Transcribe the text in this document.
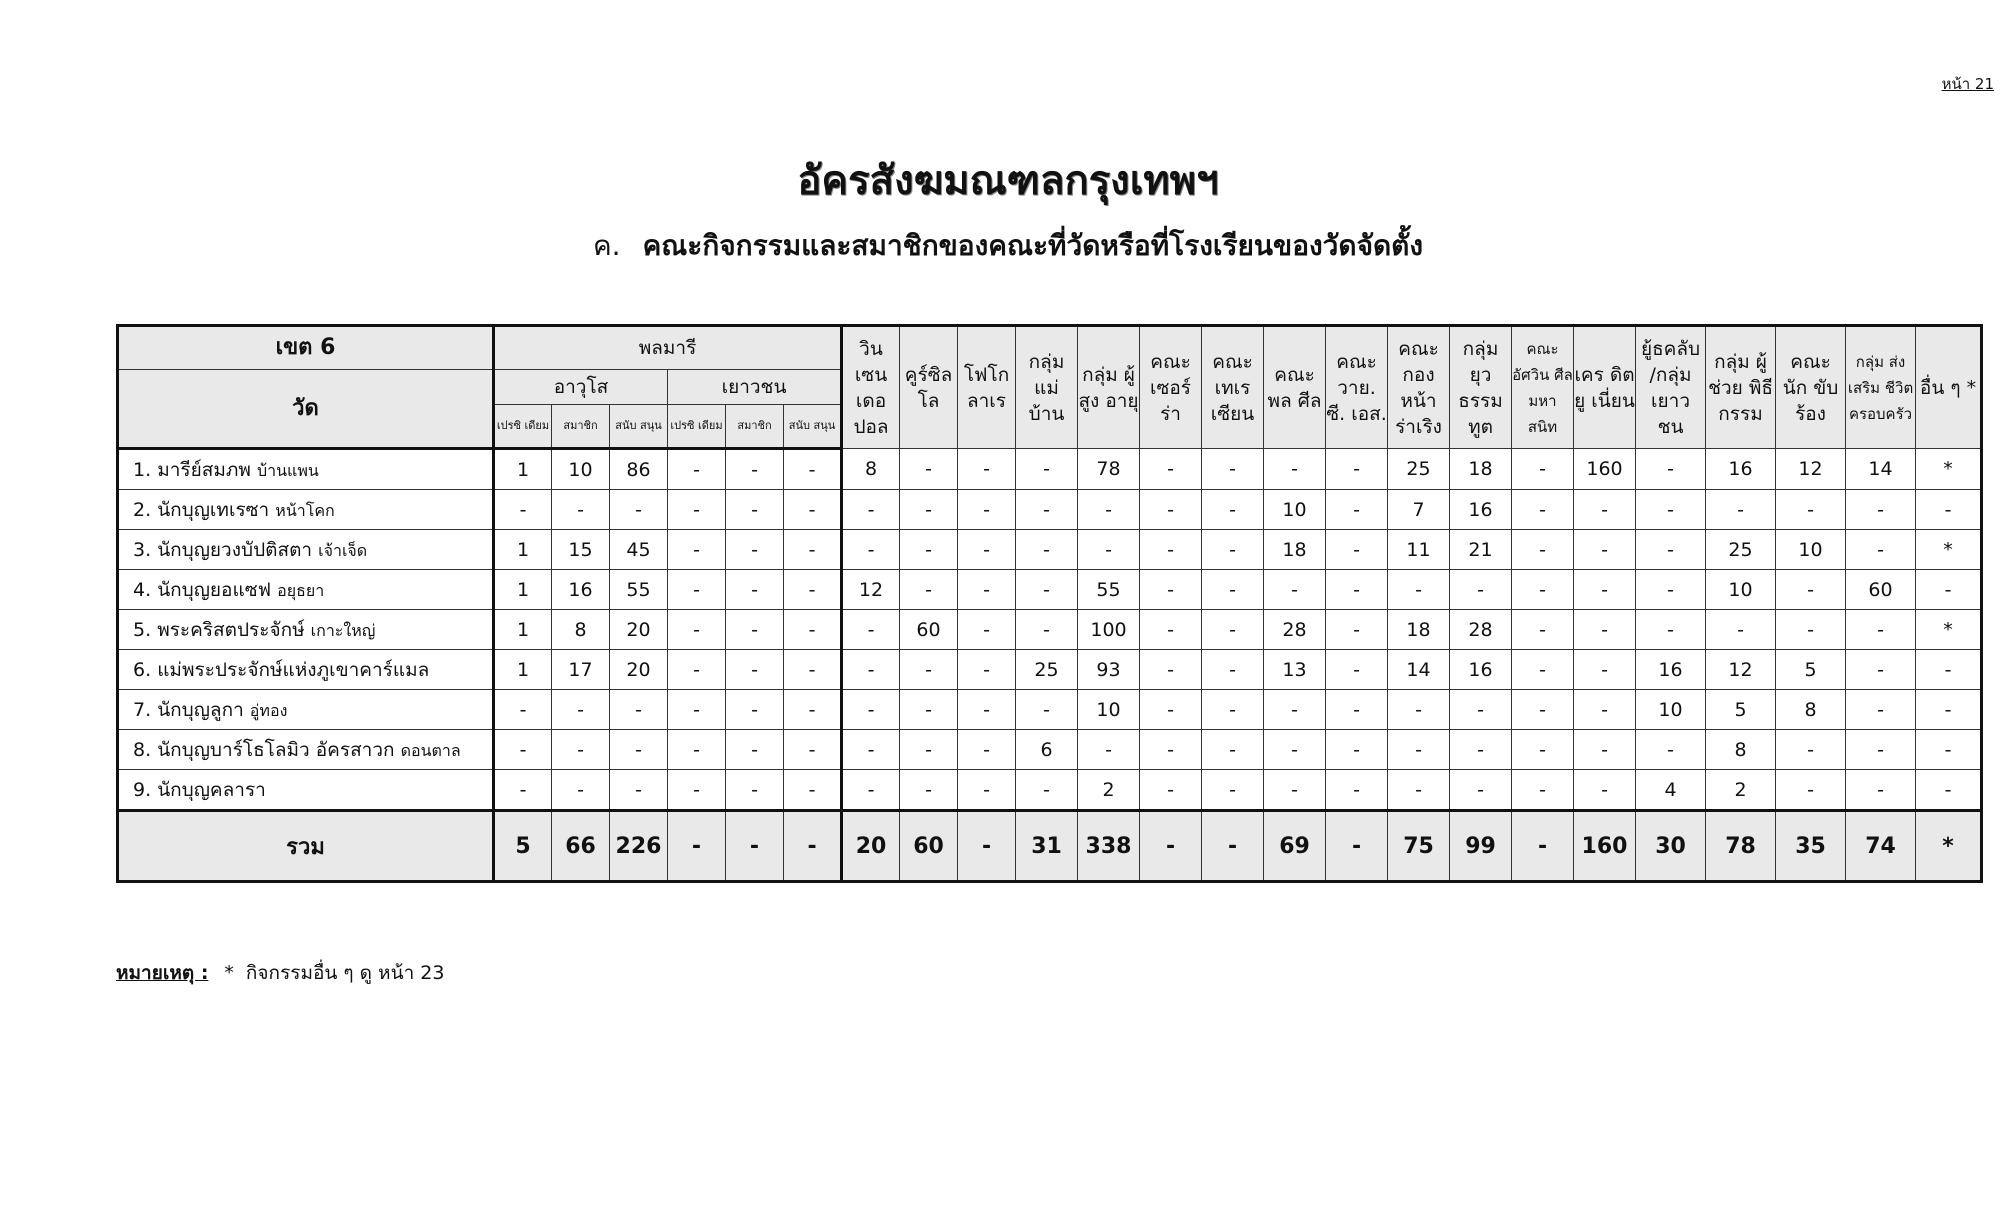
หน้า 21
อัครสังฆมณฑลกรุงเทพฯ
ค. คณะกิจกรรมและสมาชิกของคณะที่วัดหรือที่โรงเรียนของวัดจัดตั้ง
เขต 6	พลมารี						วิน เซน เดอ ปอล	คูร์ซิล โล	โฟโก ลาเร	กลุ่ม แม่ บ้าน	กลุ่ม ผู้สูง อายุ	คณะ เซอร์ ร่า	คณะ เทเร เซียน	คณะ พล ศีล	คณะ วาย. ซี. เอส.	คณะ กอง หน้า ร่าเริง	กลุ่ม ยุว ธรรม ทูต	คณะ อัศวิน ศีลมหา สนิท	เคร ดิต ยู เนี่ยน	ยู้ธคลับ /กลุ่ม เยาว ชน	กลุ่ม ผู้ช่วย พิธี กรรม	คณะ นัก ขับร้อง	กลุ่ม ส่งเสริม ชีวิต ครอบครัว	อื่น ๆ *
วัด	อาวุโส			เยาวชน																				
	เปรซิ เดียม	สมาชิก	สนับ สนุน	เปรซิ เดียม	สมาชิก	สนับ สนุน																		
1. มารีย์สมภพ บ้านแพน	1	10	86	-	-	-	8	-	-	-	78	-	-	-	-	25	18	-	160	-	16	12	14	*
2. นักบุญเทเรซา หน้าโคก	-	-	-	-	-	-	-	-	-	-	-	-	-	10	-	7	16	-	-	-	-	-	-	-
3. นักบุญยวงบัปติสตา เจ้าเจ็ด	1	15	45	-	-	-	-	-	-	-	-	-	-	18	-	11	21	-	-	-	25	10	-	*
4. นักบุญยอแซฟ อยุธยา	1	16	55	-	-	-	12	-	-	-	55	-	-	-	-	-	-	-	-	-	10	-	60	-
5. พระคริสตประจักษ์ เกาะใหญ่	1	8	20	-	-	-	-	60	-	-	100	-	-	28	-	18	28	-	-	-	-	-	-	*
6. แม่พระประจักษ์แห่งภูเขาคาร์แมล	1	17	20	-	-	-	-	-	-	25	93	-	-	13	-	14	16	-	-	16	12	5	-	-
7. นักบุญลูกา อู่ทอง	-	-	-	-	-	-	-	-	-	-	10	-	-	-	-	-	-	-	-	10	5	8	-	-
8. นักบุญบาร์โธโลมิว อัครสาวก ดอนตาล	-	-	-	-	-	-	-	-	-	6	-	-	-	-	-	-	-	-	-	-	8	-	-	-
9. นักบุญคลารา	-	-	-	-	-	-	-	-	-	-	2	-	-	-	-	-	-	-	-	4	2	-	-	-
รวม	5	66	226	-	-	-	20	60	-	31	338	-	-	69	-	75	99	-	160	30	78	35	74	*
หมายเหตุ : * กิจกรรมอื่น ๆ ดู หน้า 23
